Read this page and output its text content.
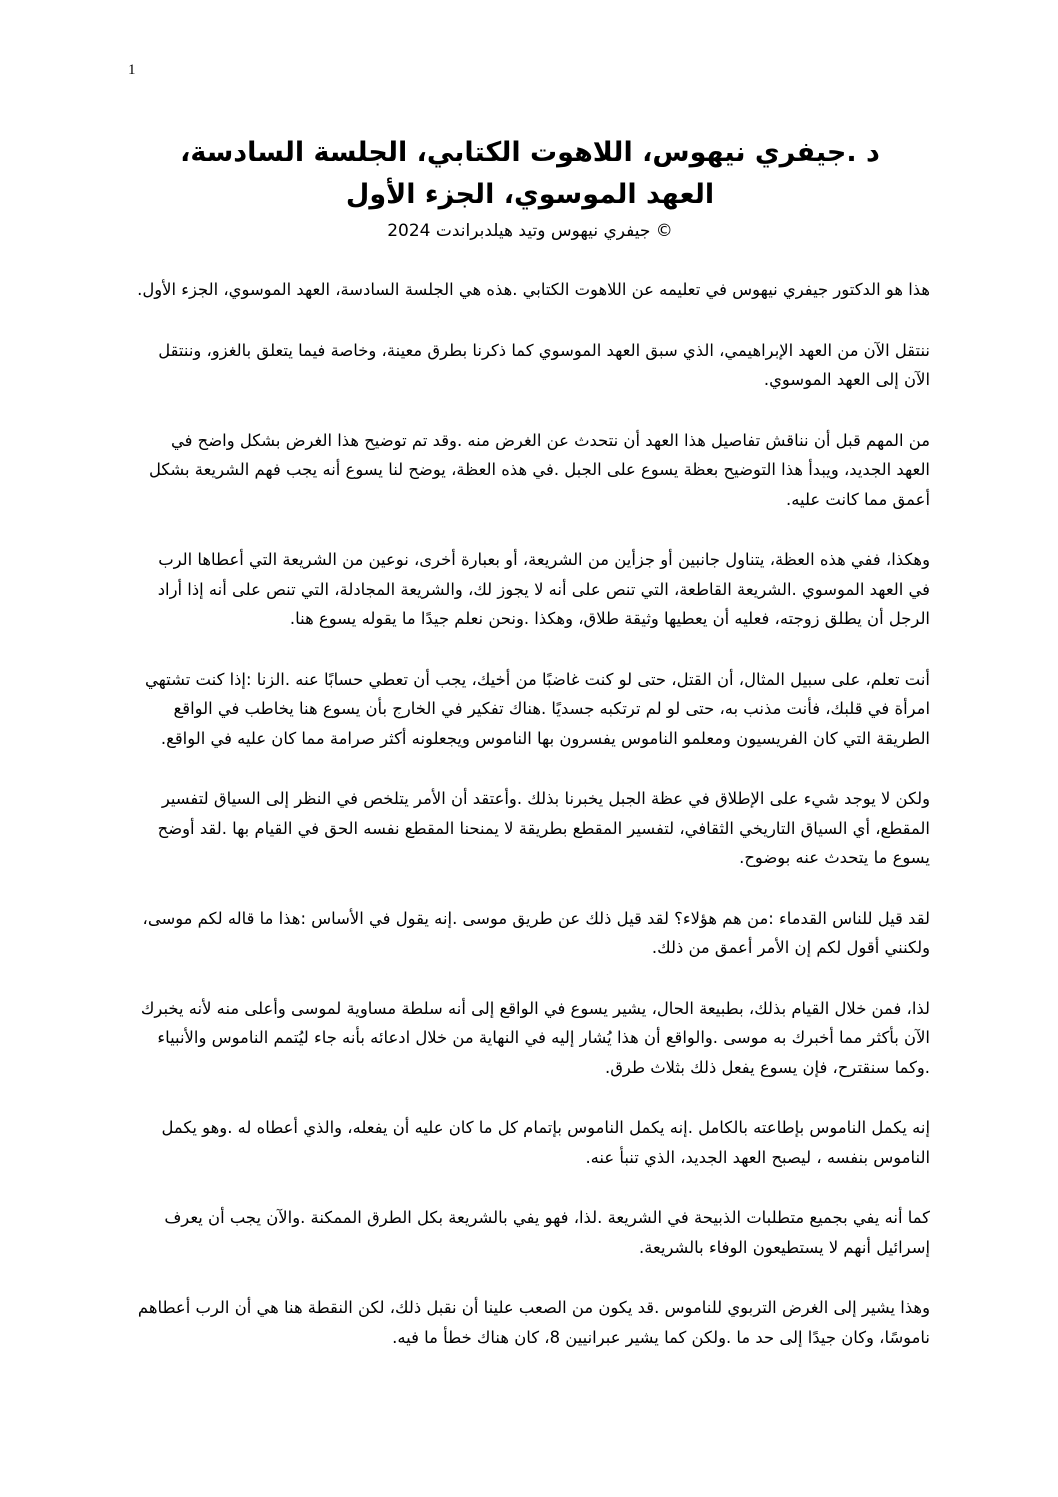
1
د .جيفري نيهوس، اللاهوت الكتابي، الجلسة السادسة،
العهد الموسوي، الجزء الأول
© جيفري نيهوس وتيد هيلدبراندت 2024

هذا هو الدكتور جيفري نيهوس في تعليمه عن اللاهوت الكتابي .هذه هي الجلسة السادسة، العهد الموسوي، الجزء الأول.

ننتقل الآن من العهد الإبراهيمي، الذي سبق العهد الموسوي كما ذكرنا بطرق معينة، وخاصة فيما يتعلق بالغزو، وننتقل الآن إلى العهد الموسوي.

من المهم قبل أن نناقش تفاصيل هذا العهد أن نتحدث عن الغرض منه .وقد تم توضيح هذا الغرض بشكل واضح في العهد الجديد، ويبدأ هذا التوضيح بعظة يسوع على الجبل .في هذه العظة، يوضح لنا يسوع أنه يجب فهم الشريعة بشكل أعمق مما كانت عليه.

وهكذا، ففي هذه العظة، يتناول جانبين أو جزأين من الشريعة، أو بعبارة أخرى، نوعين من الشريعة التي أعطاها الرب في العهد الموسوي .الشريعة القاطعة، التي تنص على أنه لا يجوز لك، والشريعة المجادلة، التي تنص على أنه إذا أراد الرجل أن يطلق زوجته، فعليه أن يعطيها وثيقة طلاق، وهكذا .ونحن نعلم جيدًا ما يقوله يسوع هنا.

أنت تعلم، على سبيل المثال، أن القتل، حتى لو كنت غاضبًا من أخيك، يجب أن تعطي حسابًا عنه .الزنا :إذا كنت تشتهي امرأة في قلبك، فأنت مذنب به، حتى لو لم ترتكبه جسديًا .هناك تفكير في الخارج بأن يسوع هنا يخاطب في الواقع الطريقة التي كان الفريسيون ومعلمو الناموس يفسرون بها الناموس ويجعلونه أكثر صرامة مما كان عليه في الواقع.

ولكن لا يوجد شيء على الإطلاق في عظة الجبل يخبرنا بذلك .وأعتقد أن الأمر يتلخص في النظر إلى السياق لتفسير المقطع، أي السياق التاريخي الثقافي، لتفسير المقطع بطريقة لا يمنحنا المقطع نفسه الحق في القيام بها .لقد أوضح يسوع ما يتحدث عنه بوضوح.

لقد قيل للناس القدماء :من هم هؤلاء؟ لقد قيل ذلك عن طريق موسى .إنه يقول في الأساس :هذا ما قاله لكم موسى، ولكنني أقول لكم إن الأمر أعمق من ذلك.

لذا، فمن خلال القيام بذلك، بطبيعة الحال، يشير يسوع في الواقع إلى أنه سلطة مساوية لموسى وأعلى منه لأنه يخبرك الآن بأكثر مما أخبرك به موسى .والواقع أن هذا يُشار إليه في النهاية من خلال ادعائه بأنه جاء ليُتمم الناموس والأنبياء .وكما سنقترح، فإن يسوع يفعل ذلك بثلاث طرق.

إنه يكمل الناموس بإطاعته بالكامل .إنه يكمل الناموس بإتمام كل ما كان عليه أن يفعله، والذي أعطاه له .وهو يكمل الناموس بنفسه ، ليصبح العهد الجديد، الذي تنبأ عنه.

كما أنه يفي بجميع متطلبات الذبيحة في الشريعة .لذا، فهو يفي بالشريعة بكل الطرق الممكنة .والآن يجب أن يعرف إسرائيل أنهم لا يستطيعون الوفاء بالشريعة.

وهذا يشير إلى الغرض التربوي للناموس .قد يكون من الصعب علينا أن نقبل ذلك، لكن النقطة هنا هي أن الرب أعطاهم ناموسًا، وكان جيدًا إلى حد ما .ولكن كما يشير عبرانيين 8، كان هناك خطأ ما فيه.
